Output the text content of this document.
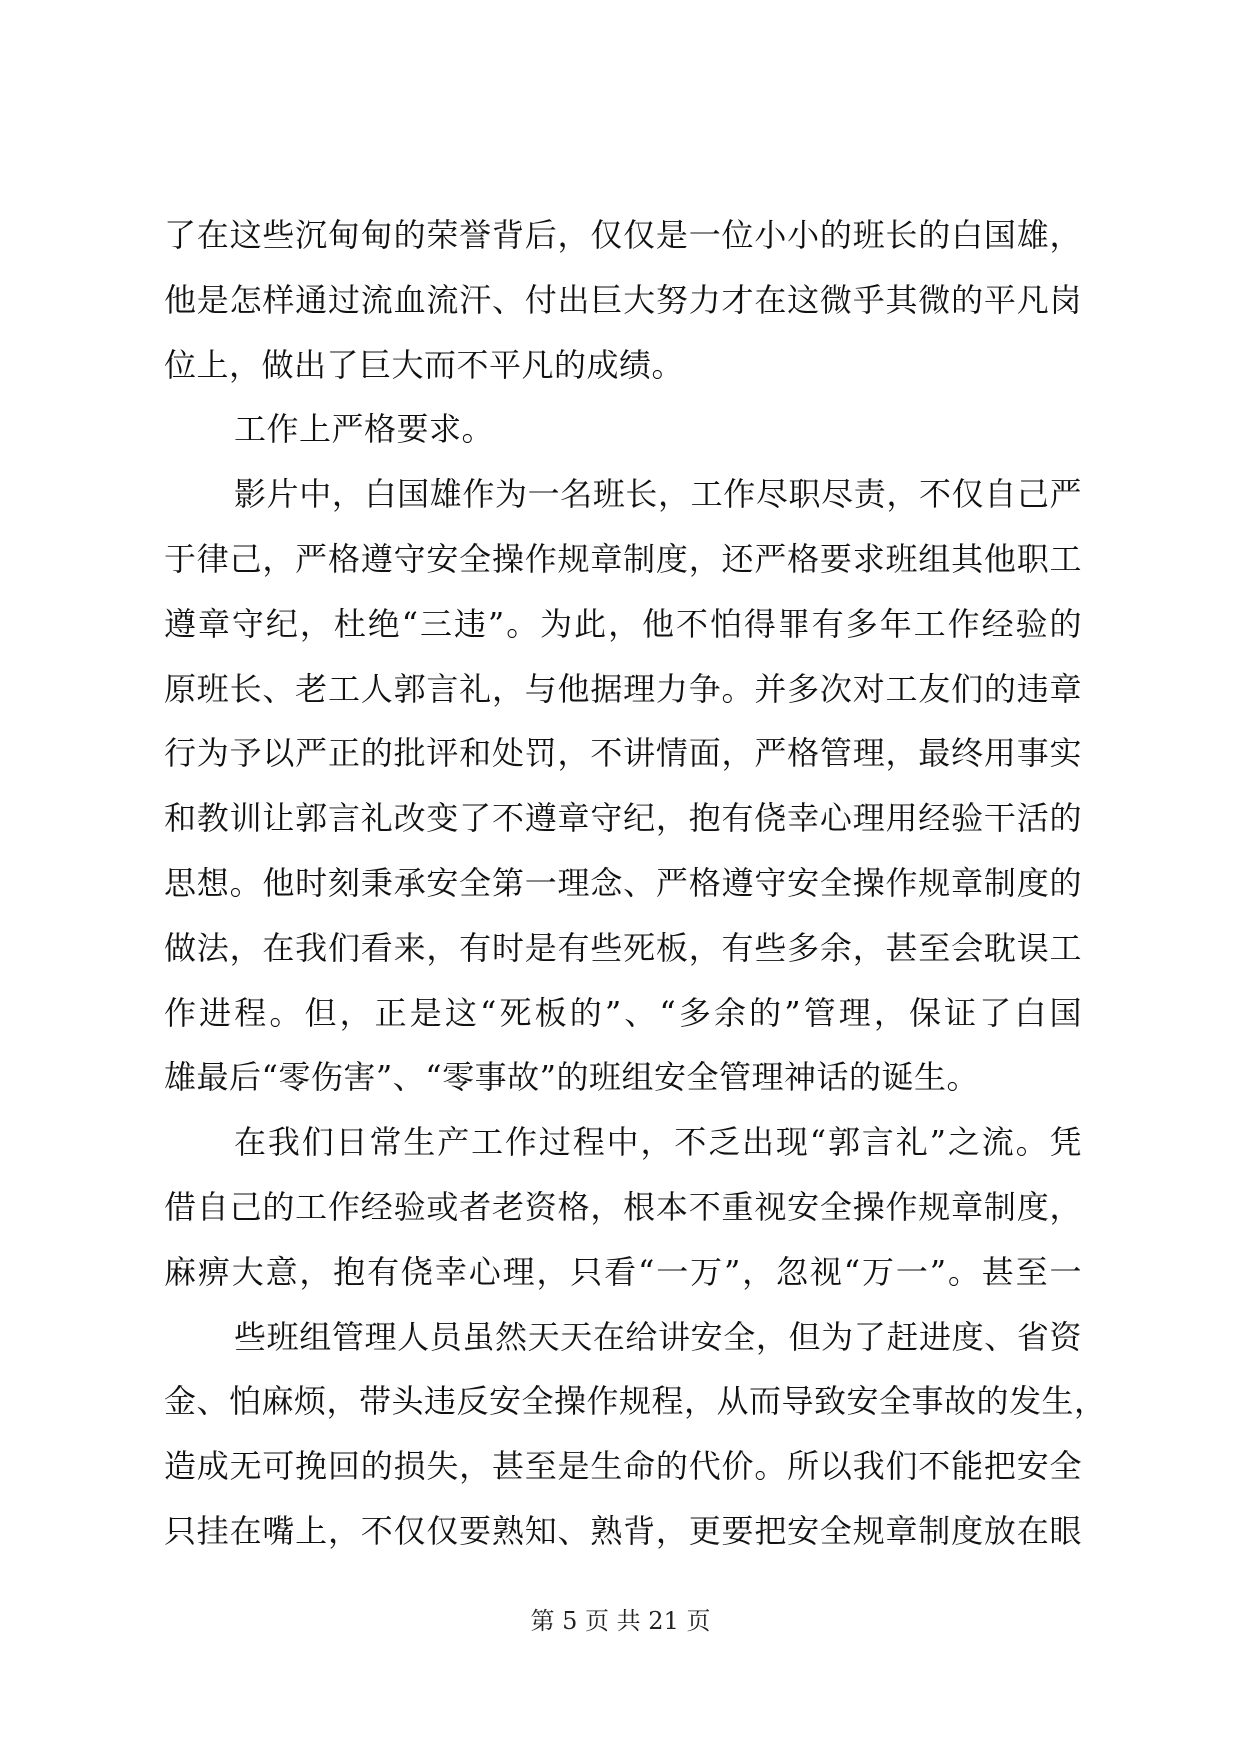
了在这些沉甸甸的荣誉背后，仅仅是一位小小的班长的白国雄，
他是怎样通过流血流汗、付出巨大努力才在这微乎其微的平凡岗
位上，做出了巨大而不平凡的成绩。
工作上严格要求。
影片中，白国雄作为一名班长，工作尽职尽责，不仅自己严
于律己，严格遵守安全操作规章制度，还严格要求班组其他职工
遵章守纪，杜绝“三违”。为此，他不怕得罪有多年工作经验的
原班长、老工人郭言礼，与他据理力争。并多次对工友们的违章
行为予以严正的批评和处罚，不讲情面，严格管理，最终用事实
和教训让郭言礼改变了不遵章守纪，抱有侥幸心理用经验干活的
思想。他时刻秉承安全第一理念、严格遵守安全操作规章制度的
做法，在我们看来，有时是有些死板，有些多余，甚至会耽误工
作进程。但，正是这“死板的”、“多余的”管理，保证了白国
雄最后“零伤害”、“零事故”的班组安全管理神话的诞生。
在我们日常生产工作过程中，不乏出现“郭言礼”之流。凭
借自己的工作经验或者老资格，根本不重视安全操作规章制度，
麻痹大意，抱有侥幸心理，只看“一万”，忽视“万一”。甚至一
些班组管理人员虽然天天在给讲安全，但为了赶进度、省资
金、怕麻烦，带头违反安全操作规程，从而导致安全事故的发生，
造成无可挽回的损失，甚至是生命的代价。所以我们不能把安全
只挂在嘴上，不仅仅要熟知、熟背，更要把安全规章制度放在眼
第 5 页 共 21 页
